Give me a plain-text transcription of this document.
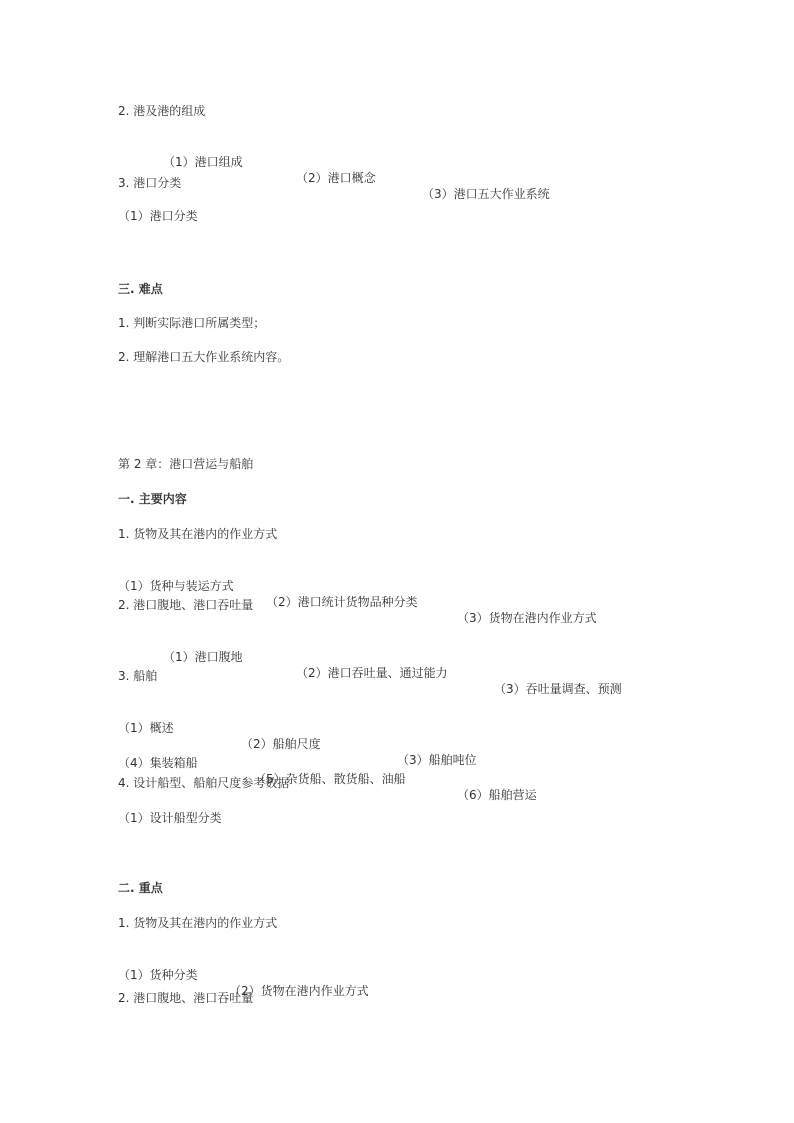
2. 港及港的组成

（1）港口组成

（2）港口概念

（3）港口五大作业系统

3. 港口分类
（1）港口分类
三. 难点
1. 判断实际港口所属类型；
2. 理解港口五大作业系统内容。
第 2 章：港口营运与船舶
一. 主要内容
1. 货物及其在港内的作业方式

（1）货种与装运方式

（2）港口统计货物品种分类

（3）货物在港内作业方式

2. 港口腹地、港口吞吐量

（1）港口腹地

（2）港口吞吐量、通过能力

（3）吞吐量调查、预测

3. 船舶

（1）概述

（2）船舶尺度

（3）船舶吨位

（4）集装箱船

（5）杂货船、散货船、油船

（6）船舶营运

4. 设计船型、船舶尺度参考数据
（1）设计船型分类
二. 重点
1. 货物及其在港内的作业方式

（1）货种分类

（2）货物在港内作业方式

2. 港口腹地、港口吞吐量
